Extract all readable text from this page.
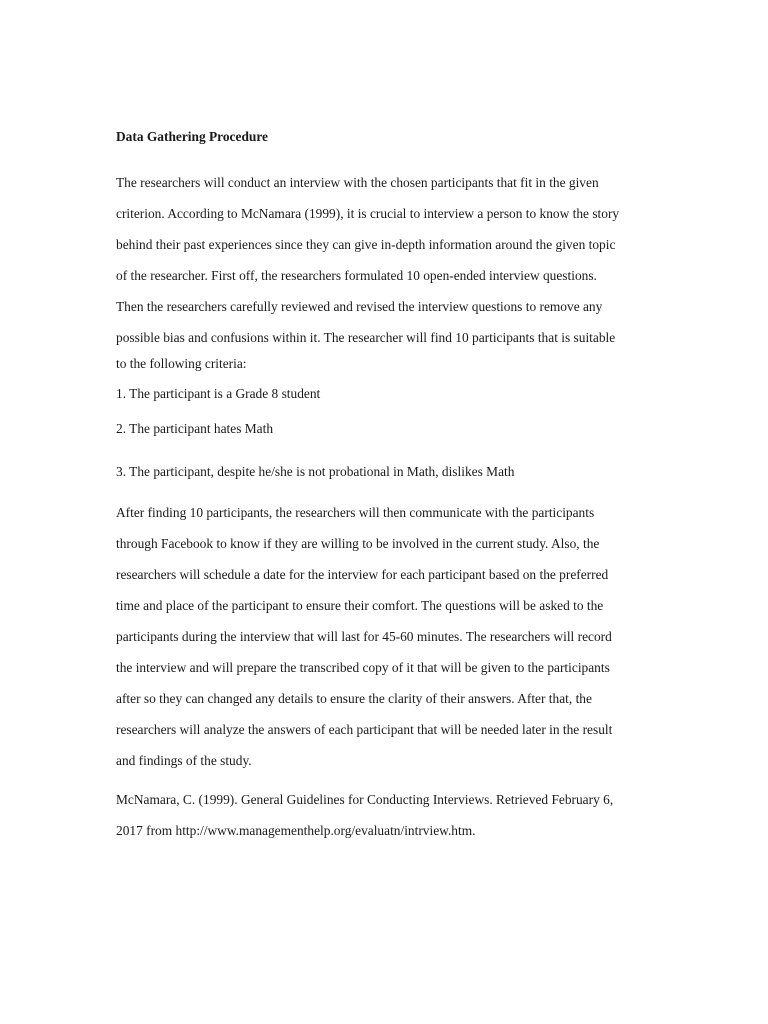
Data Gathering Procedure

The researchers will conduct an interview with the chosen participants that fit in the given
criterion. According to McNamara (1999), it is crucial to interview a person to know the story
behind their past experiences since they can give in-depth information around the given topic
of the researcher. First off, the researchers formulated 10 open-ended interview questions.
Then the researchers carefully reviewed and revised the interview questions to remove any
possible bias and confusions within it. The researcher will find 10 participants that is suitable
to the following criteria:

1. The participant is a Grade 8 student
2. The participant hates Math
3. The participant, despite he/she is not probational in Math, dislikes Math

After finding 10 participants, the researchers will then communicate with the participants
through Facebook to know if they are willing to be involved in the current study. Also, the
researchers will schedule a date for the interview for each participant based on the preferred
time and place of the participant to ensure their comfort. The questions will be asked to the
participants during the interview that will last for 45-60 minutes. The researchers will record
the interview and will prepare the transcribed copy of it that will be given to the participants
after so they can changed any details to ensure the clarity of their answers. After that, the
researchers will analyze the answers of each participant that will be needed later in the result
and findings of the study.

McNamara, C. (1999). General Guidelines for Conducting Interviews. Retrieved February 6,
2017 from http://www.managementhelp.org/evaluatn/intrview.htm.
